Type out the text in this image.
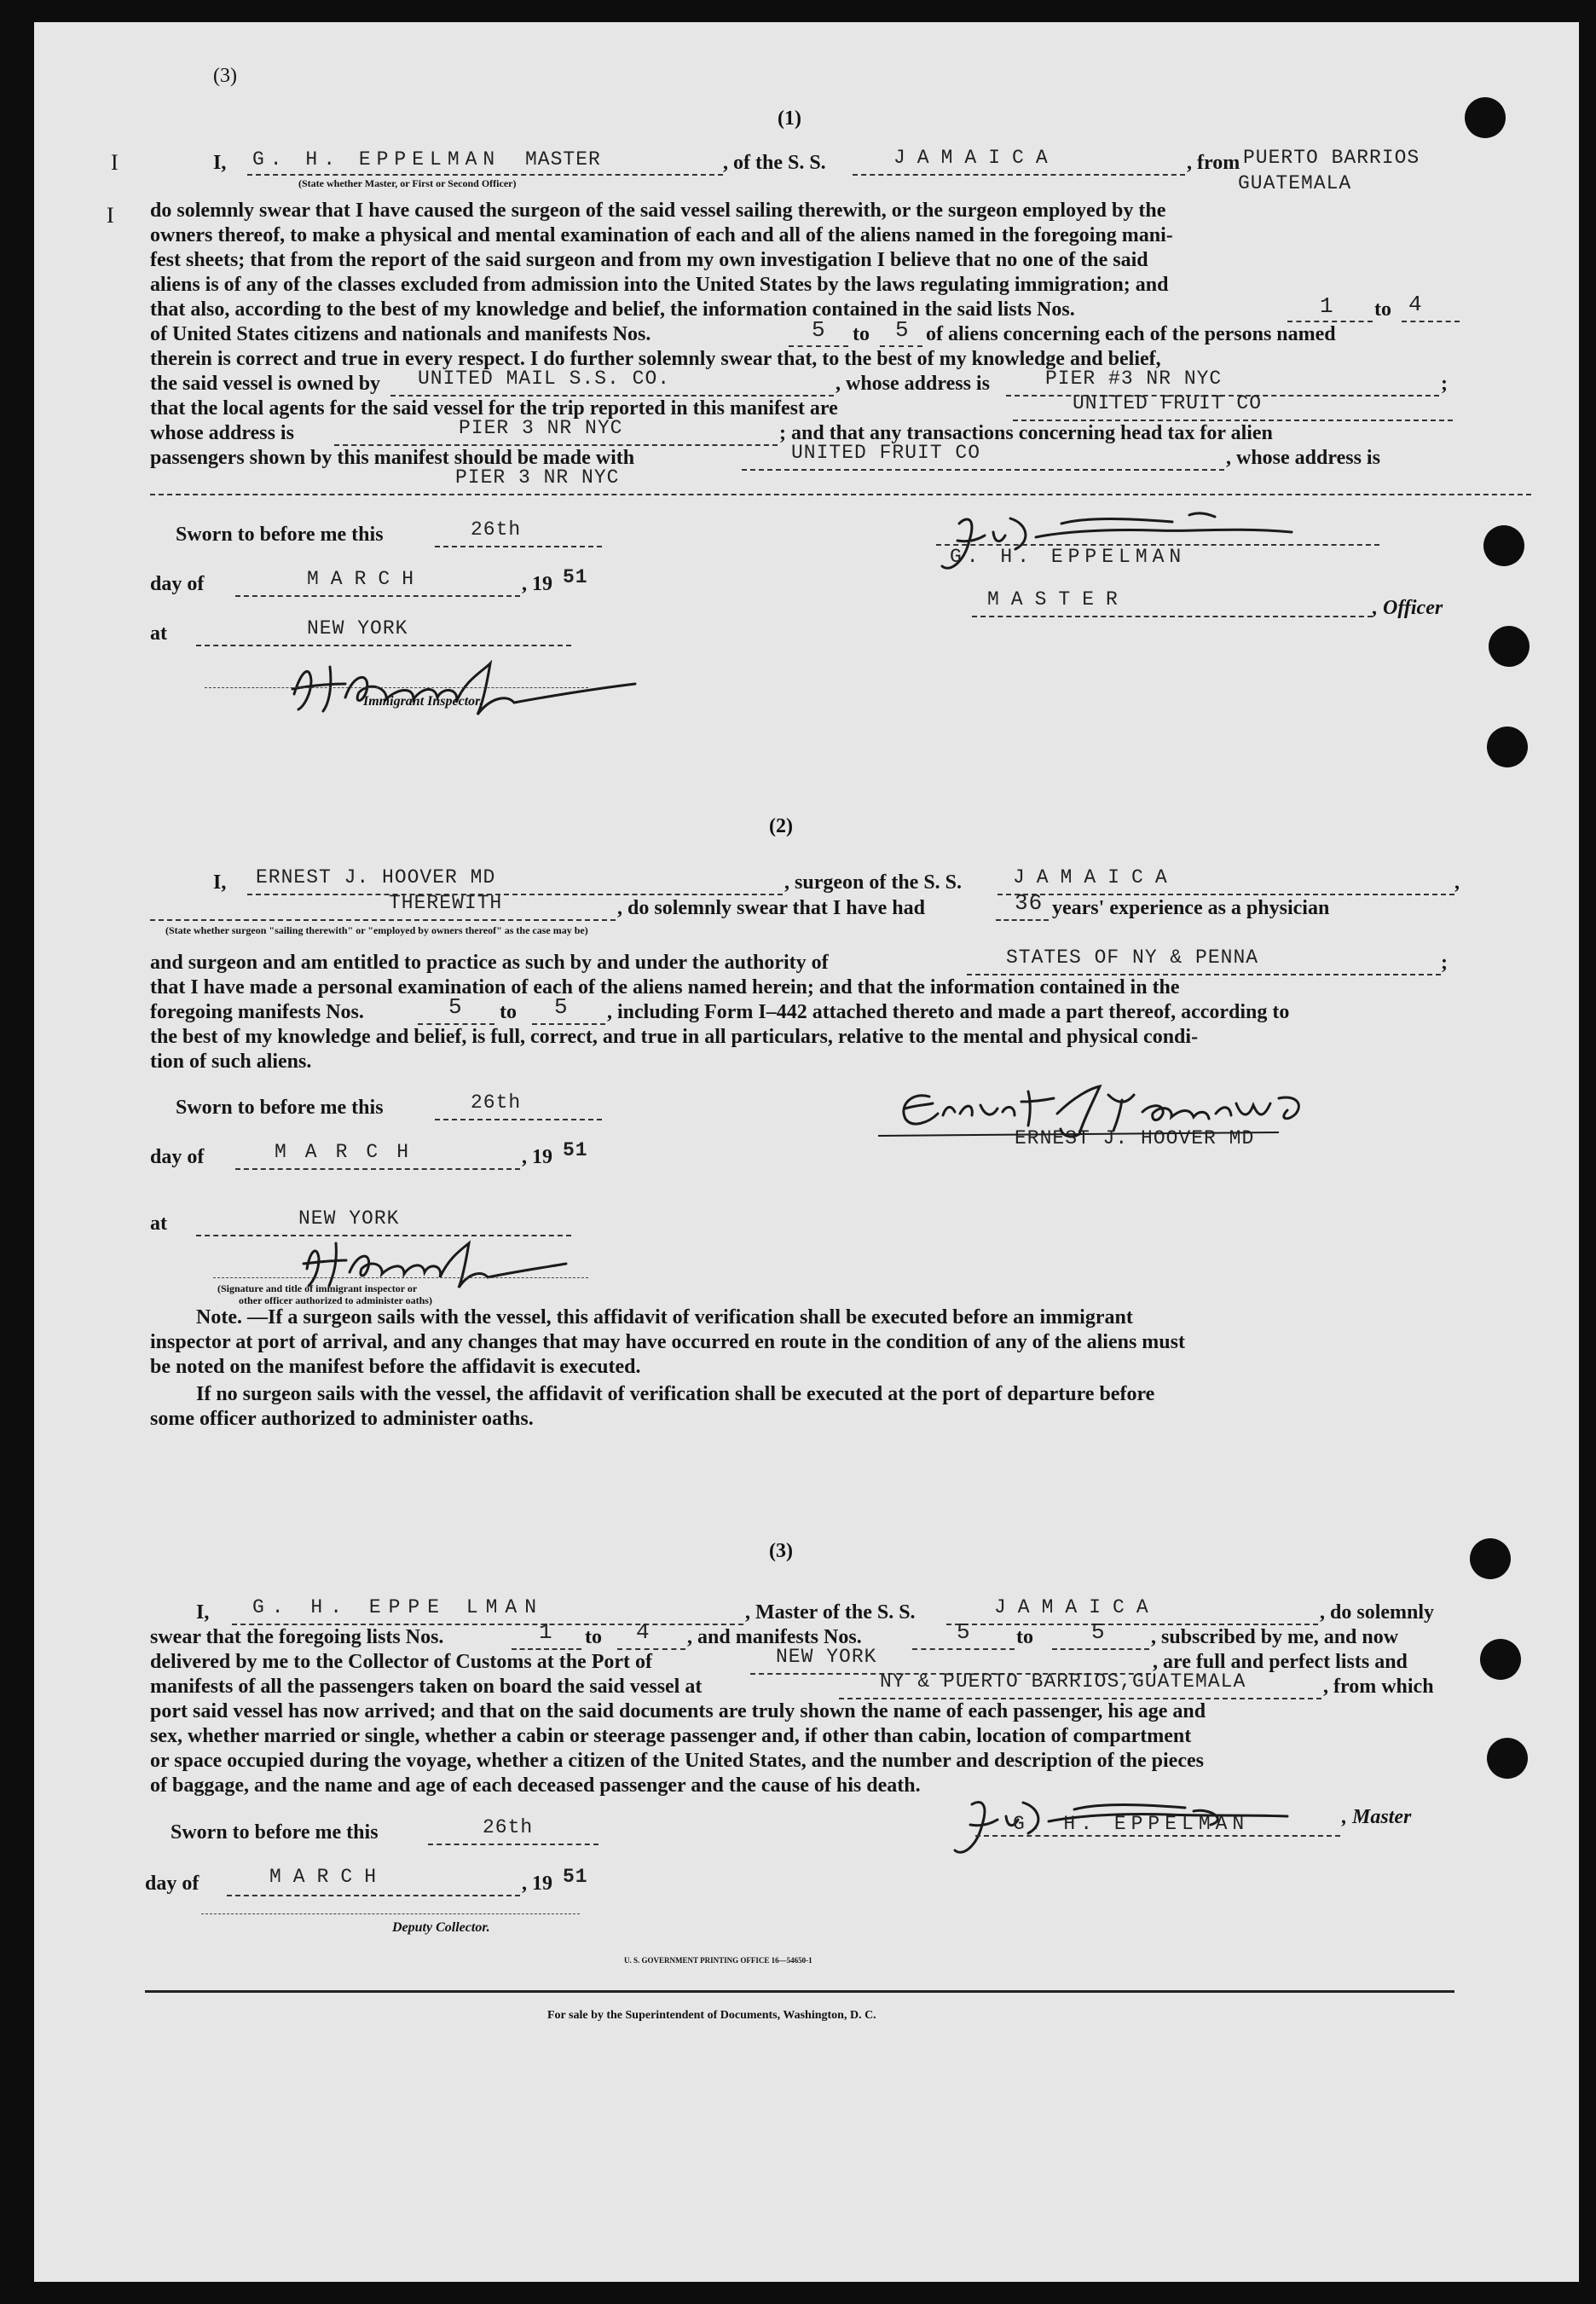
(3)
I
I
(1)
I, G. H. EPPELMAN MASTER	, of the S. S.	JAMAICA	, from PUERTO BARRIOS
GUATEMALA
(State whether Master, or First or Second Officer)
do solemnly swear that I have caused the surgeon of the said vessel sailing therewith, or the surgeon employed by the
owners thereof, to make a physical and mental examination of each and all of the aliens named in the foregoing mani-
fest sheets; that from the report of the said surgeon and from my own investigation I believe that no one of the said
aliens is of any of the classes excluded from admission into the United States by the laws regulating immigration; and
that also, according to the best of my knowledge and belief, the information contained in the said lists Nos.	1 to 4
of United States citizens and nationals and manifests Nos.	5 to 5 of aliens concerning each of the persons named
therein is correct and true in every respect. I do further solemnly swear that, to the best of my knowledge and belief,
the said vessel is owned by UNITED MAIL S.S. CO.	, whose address is	PIER #3 NR NYC	;
that the local agents for the said vessel for the trip reported in this manifest are	UNITED FRUIT CO
whose address is	PIER 3 NR NYC	; and that any transactions concerning head tax for alien
passengers shown by this manifest should be made with	UNITED FRUIT CO	, whose address is
PIER 3 NR NYC
Sworn to before me this	26th
day of	MARCH	, 19 51
at	NEW YORK
Immigrant Inspector.
G. H. EPPELMAN
MASTER	, Officer
(2)
I, ERNEST J. HOOVER MD	, surgeon of the S. S.	JAMAICA	,
THEREWITH	, do solemnly swear that I have had	36 years' experience as a physician
(State whether surgeon "sailing therewith" or "employed by owners thereof" as the case may be)
and surgeon and am entitled to practice as such by and under the authority of	STATES OF NY & PENNA	;
that I have made a personal examination of each of the aliens named herein; and that the information contained in the
foregoing manifests Nos.	5 to 5 , including Form I–442 attached thereto and made a part thereof, according to
the best of my knowledge and belief, is full, correct, and true in all particulars, relative to the mental and physical condi-
tion of such aliens.
Sworn to before me this	26th
day of	MARCH	, 19 51
at	NEW YORK
(Signature and title of immigrant inspector or
other officer authorized to administer oaths)
ERNEST J. HOOVER MD
Note. —If a surgeon sails with the vessel, this affidavit of verification shall be executed before an immigrant
inspector at port of arrival, and any changes that may have occurred en route in the condition of any of the aliens must
be noted on the manifest before the affidavit is executed.
If no surgeon sails with the vessel, the affidavit of verification shall be executed at the port of departure before
some officer authorized to administer oaths.
(3)
I, G. H. EPPE LMAN	, Master of the S. S.	JAMAICA	, do solemnly
swear that the foregoing lists Nos.	1 to 4 , and manifests Nos.	5 to	5 , subscribed by me, and now
delivered by me to the Collector of Customs at the Port of	NEW YORK	, are full and perfect lists and
manifests of all the passengers taken on board the said vessel at	NY & PUERTO BARRIOS,GUATEMALA	, from which
port said vessel has now arrived; and that on the said documents are truly shown the name of each passenger, his age and
sex, whether married or single, whether a cabin or steerage passenger and, if other than cabin, location of compartment
or space occupied during the voyage, whether a citizen of the United States, and the number and description of the pieces
of baggage, and the name and age of each deceased passenger and the cause of his death.
Sworn to before me this	26th
day of	MARCH	, 19 51
Deputy Collector.
G. H. EPPELMAN	, Master
U. S. GOVERNMENT PRINTING OFFICE 16—54650-1
For sale by the Superintendent of Documents, Washington, D. C.
